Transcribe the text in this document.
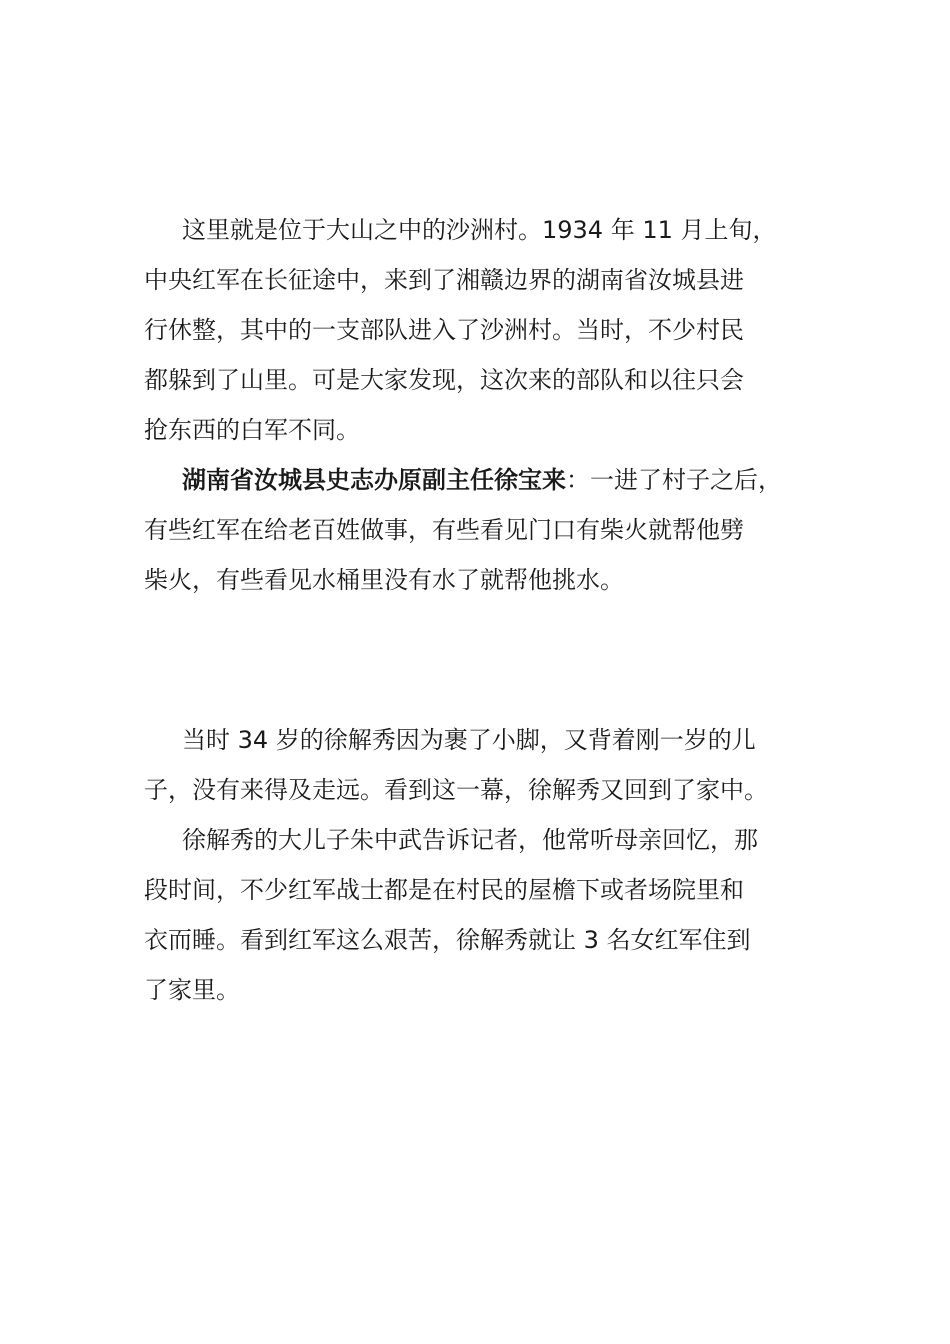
这里就是位于大山之中的沙洲村。1934 年 11 月上旬，
中央红军在长征途中，来到了湘赣边界的湖南省汝城县进
行休整，其中的一支部队进入了沙洲村。当时，不少村民
都躲到了山里。可是大家发现，这次来的部队和以往只会
抢东西的白军不同。
湖南省汝城县史志办原副主任徐宝来：一进了村子之后，
有些红军在给老百姓做事，有些看见门口有柴火就帮他劈
柴火，有些看见水桶里没有水了就帮他挑水。
当时 34 岁的徐解秀因为裹了小脚，又背着刚一岁的儿
子，没有来得及走远。看到这一幕，徐解秀又回到了家中。
徐解秀的大儿子朱中武告诉记者，他常听母亲回忆，那
段时间，不少红军战士都是在村民的屋檐下或者场院里和
衣而睡。看到红军这么艰苦，徐解秀就让 3 名女红军住到
了家里。
